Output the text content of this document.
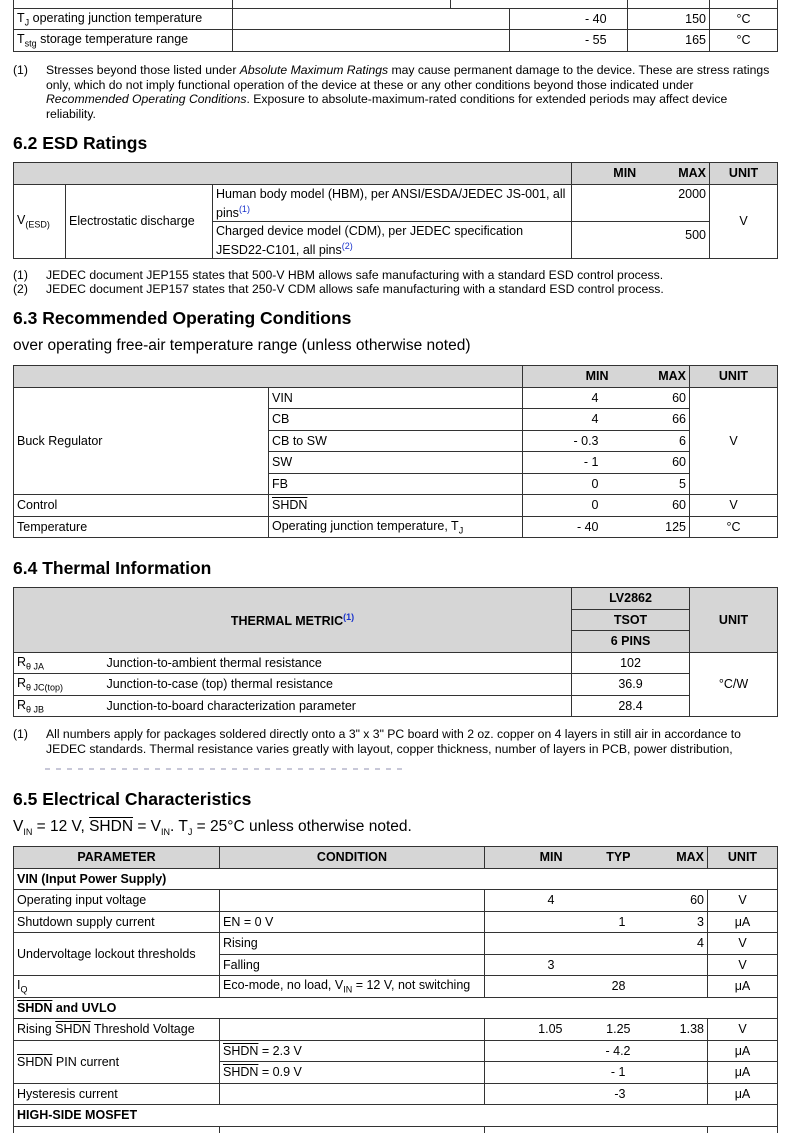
$T_J$ operating junction temperature			- 40	150	°C
$T_{stg}$ storage temperature range			- 55	165	°C
(1) Stresses beyond those listed under Absolute Maximum Ratings may cause permanent damage to the device. These are stress ratings only, which do not imply functional operation of the device at these or any other conditions beyond those indicated under Recommended Operating Conditions. Exposure to absolute-maximum-rated conditions for extended periods may affect device reliability.
6.2 ESD Ratings
			MIN	MAX	UNIT
$V_{(ESD)}$	Electrostatic discharge	Human body model (HBM), per ANSI/ESDA/JEDEC JS-001, all pins$^{(1)}$		2000	V
		Charged device model (CDM), per JEDEC specification JESD22-C101, all pins$^{(2)}$		500	
(1) JEDEC document JEP155 states that 500-V HBM allows safe manufacturing with a standard ESD control process.
(2) JEDEC document JEP157 states that 250-V CDM allows safe manufacturing with a standard ESD control process.
6.3 Recommended Operating Conditions
over operating free-air temperature range (unless otherwise noted)
		MIN	MAX	UNIT
Buck Regulator	VIN	4	60	V
	CB	4	66	
	CB to SW	- 0.3	6	
	SW	- 1	60	
	FB	0	5	
Control	SHDN	0	60	V
Temperature	Operating junction temperature, $T_J$	- 40	125	°C
6.4 Thermal Information
THERMAL METRIC$^{(1)}$		LV2862	UNIT
		TSOT	
		6 PINS	
$R_{\theta JA}$	Junction-to-ambient thermal resistance	102	°C/W
$R_{\theta JC(top)}$	Junction-to-case (top) thermal resistance	36.9	
$R_{\theta JB}$	Junction-to-board characterization parameter	28.4	
(1) All numbers apply for packages soldered directly onto a 3" x 3" PC board with 2 oz. copper on 4 layers in still air in accordance to JEDEC standards. Thermal resistance varies greatly with layout, copper thickness, number of layers in PCB, power distribution,
6.5 Electrical Characteristics
$V_{IN} = 12$ V, SHDN = $V_{IN}$. $T_J = 25^\circ C$ unless otherwise noted.
PARAMETER	CONDITION	MIN	TYP	MAX	UNIT
VIN (Input Power Supply)					
Operating input voltage		4		60	V
Shutdown supply current	EN = 0 V		1	3	μA
Undervoltage lockout thresholds	Rising			4	V
	Falling	3			V
$I_Q$	Eco-mode, no load, $V_{IN} = 12$ V, not switching		28		μA
SHDN and UVLO					
Rising SHDN Threshold Voltage		1.05	1.25	1.38	V
SHDN PIN current	SHDN = 2.3 V		- 4.2		μA
	SHDN = 0.9 V		- 1		μA
Hysteresis current			-3		μA
HIGH-SIDE MOSFET					
